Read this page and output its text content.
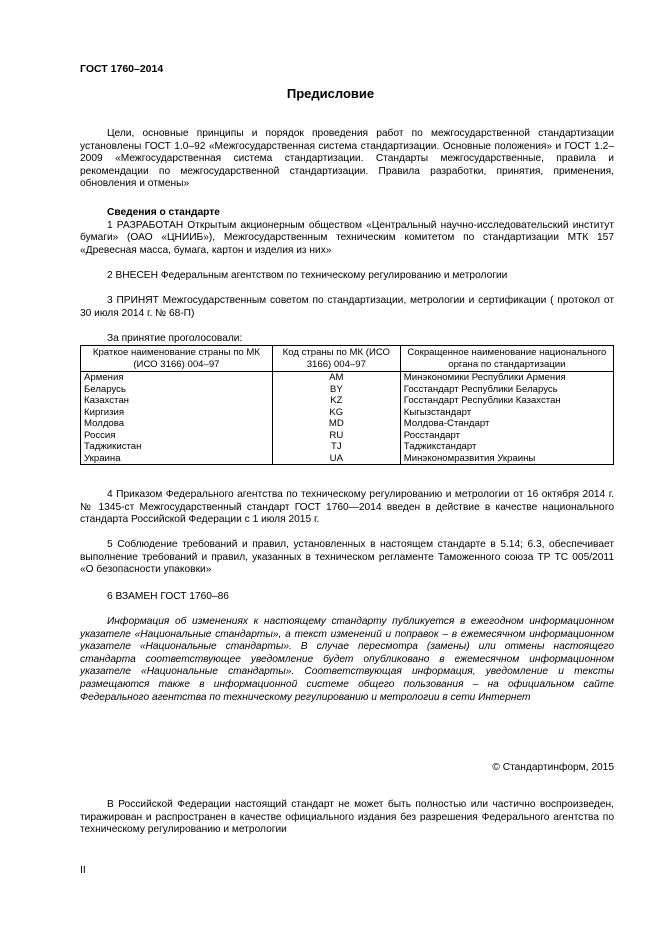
ГОСТ 1760–2014
Предисловие

Цели, основные принципы и порядок проведения работ по межгосударственной стандартизации установлены ГОСТ 1.0–92 «Межгосударственная система стандартизации. Основные положения» и ГОСТ 1.2–2009 «Межгосударственная система стандартизации. Стандарты межгосударственные, правила и рекомендации по межгосударственной стандартизации. Правила разработки, принятия, применения, обновления и отмены»

Сведения о стандарте

1 РАЗРАБОТАН Открытым акционерным обществом «Центральный научно-исследовательский институт бумаги» (ОАО «ЦНИИБ»), Межгосударственным техническим комитетом по стандартизации МТК 157 «Древесная масса, бумага, картон и изделия из них»

2 ВНЕСЕН Федеральным агентством по техническому регулированию и метрологии

3 ПРИНЯТ Межгосударственным советом по стандартизации, метрологии и сертификации ( протокол от 30 июля 2014 г. № 68-П)

За принятие проголосовали:

Краткое наименование страны по МК (ИСО 3166) 004–97	Код страны по МК (ИСО 3166) 004–97	Сокращенное наименование национального органа по стандартизации
Армения	AM	Минэкономики Республики Армения
Беларусь	BY	Госстандарт Республики Беларусь
Казахстан	KZ	Госстандарт Республики Казахстан
Киргизия	KG	Кыгызстандарт
Молдова	MD	Молдова-Стандарт
Россия	RU	Росстандарт
Таджикистан	TJ	Таджикстандарт
Украина	UA	Минэкономразвития Украины

4 Приказом Федерального агентства по техническому регулированию и метрологии от 16 октября 2014 г. № 1345-ст Межгосударственный стандарт ГОСТ 1760—2014 введен в действие в качестве национального стандарта Российской Федерации с 1 июля 2015 г.

5 Соблюдение требований и правил, установленных в настоящем стандарте в 5.14; 6.3, обеспечивает выполнение требований и правил, указанных в техническом регламенте Таможенного союза ТР ТС 005/2011 «О безопасности упаковки»

6 ВЗАМЕН ГОСТ 1760–86

Информация об изменениях к настоящему стандарту публикуется в ежегодном информационном указателе «Национальные стандарты», а текст изменений и поправок – в ежемесячном информационном указателе «Национальные стандарты». В случае пересмотра (замены) или отмены настоящего стандарта соответствующее уведомление будет опубликовано в ежемесячном информационном указателе «Национальные стандарты». Соответствующая информация, уведомление и тексты размещаются также в информационной системе общего пользования – на официальном сайте Федерального агентства по техническому регулированию и метрологии в сети Интернет

© Стандартинформ, 2015

В Российской Федерации настоящий стандарт не может быть полностью или частично воспроизведен, тиражирован и распространен в качестве официального издания без разрешения Федерального агентства по техническому регулированию и метрологии

II
